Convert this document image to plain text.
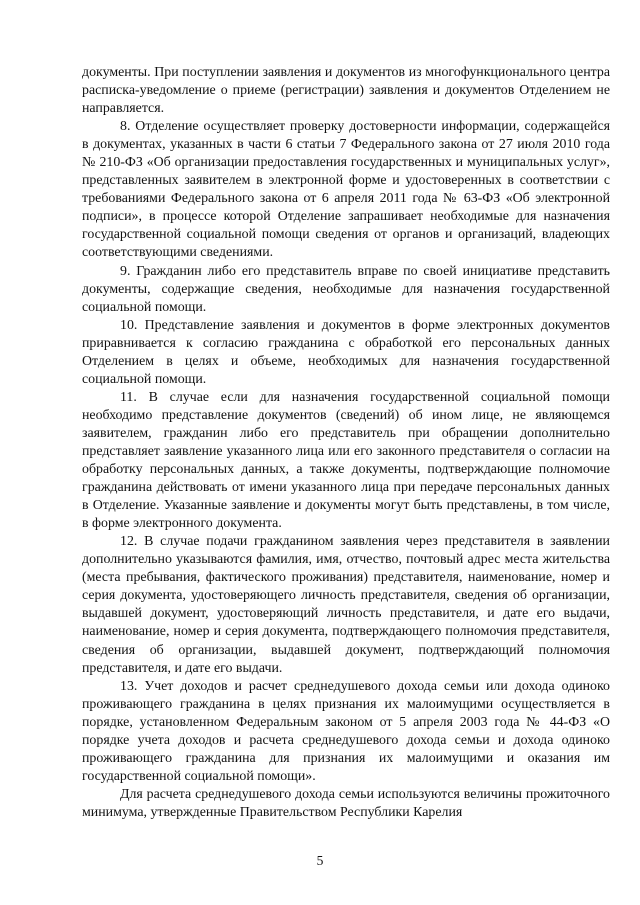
документы. При поступлении заявления и документов из многофункционального центра расписка-уведомление о приеме (регистрации) заявления и документов Отделением не направляется.

8. Отделение осуществляет проверку достоверности информации, содержащейся в документах, указанных в части 6 статьи 7 Федерального закона от 27 июля 2010 года № 210-ФЗ «Об организации предоставления государственных и муниципальных услуг», представленных заявителем в электронной форме и удостоверенных в соответствии с требованиями Федерального закона от 6 апреля 2011 года № 63-ФЗ «Об электронной подписи», в процессе которой Отделение запрашивает необходимые для назначения государственной социальной помощи сведения от органов и организаций, владеющих соответствующими сведениями.

9. Гражданин либо его представитель вправе по своей инициативе представить документы, содержащие сведения, необходимые для назначения государственной социальной помощи.

10. Представление заявления и документов в форме электронных документов приравнивается к согласию гражданина с обработкой его персональных данных Отделением в целях и объеме, необходимых для назначения государственной социальной помощи.

11. В случае если для назначения государственной социальной помощи необходимо представление документов (сведений) об ином лице, не являющемся заявителем, гражданин либо его представитель при обращении дополнительно представляет заявление указанного лица или его законного представителя о согласии на обработку персональных данных, а также документы, подтверждающие полномочие гражданина действовать от имени указанного лица при передаче персональных данных в Отделение. Указанные заявление и документы могут быть представлены, в том числе, в форме электронного документа.

12. В случае подачи гражданином заявления через представителя в заявлении дополнительно указываются фамилия, имя, отчество, почтовый адрес места жительства (места пребывания, фактического проживания) представителя, наименование, номер и серия документа, удостоверяющего личность представителя, сведения об организации, выдавшей документ, удостоверяющий личность представителя, и дате его выдачи, наименование, номер и серия документа, подтверждающего полномочия представителя, сведения об организации, выдавшей документ, подтверждающий полномочия представителя, и дате его выдачи.

13. Учет доходов и расчет среднедушевого дохода семьи или дохода одиноко проживающего гражданина в целях признания их малоимущими осуществляется в порядке, установленном Федеральным законом от 5 апреля 2003 года № 44-ФЗ «О порядке учета доходов и расчета среднедушевого дохода семьи и дохода одиноко проживающего гражданина для признания их малоимущими и оказания им государственной социальной помощи».

Для расчета среднедушевого дохода семьи используются величины прожиточного минимума, утвержденные Правительством Республики Карелия

5
